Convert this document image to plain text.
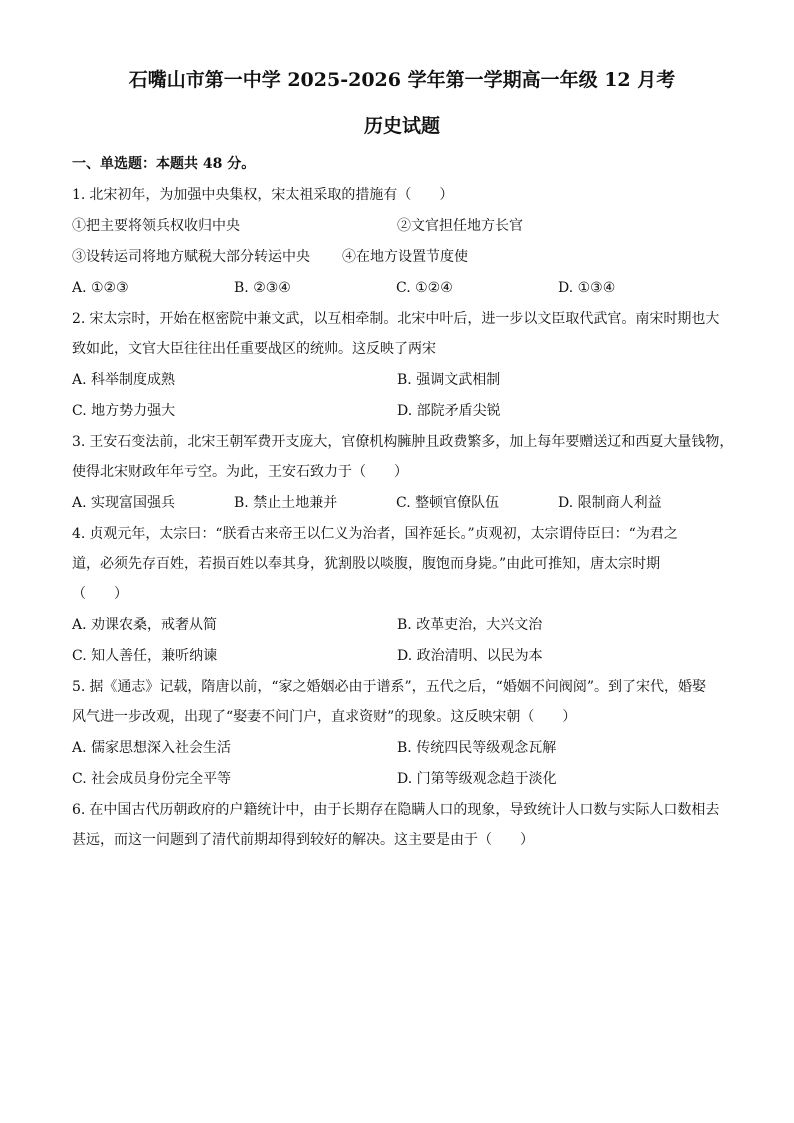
石嘴山市第一中学 2025-2026 学年第一学期高一年级 12 月考
历史试题
一、单选题：本题共 48 分。
1. 北宋初年，为加强中央集权，宋太祖采取的措施有（　　）
①把主要将领兵权收归中央	②文官担任地方长官
③设转运司将地方赋税大部分转运中央	④在地方设置节度使
A. ①②③	B. ②③④	C. ①②④	D. ①③④
2. 宋太宗时，开始在枢密院中兼文武，以互相牵制。北宋中叶后，进一步以文臣取代武官。南宋时期也大
致如此，文官大臣往往出任重要战区的统帅。这反映了两宋
A. 科举制度成熟	B. 强调文武相制
C. 地方势力强大	D. 部院矛盾尖锐
3. 王安石变法前，北宋王朝军费开支庞大，官僚机构臃肿且政费繁多，加上每年要赠送辽和西夏大量钱物，
使得北宋财政年年亏空。为此，王安石致力于（　　）
A. 实现富国强兵	B. 禁止土地兼并	C. 整顿官僚队伍	D. 限制商人利益
4. 贞观元年，太宗曰：“朕看古来帝王以仁义为治者，国祚延长。”贞观初，太宗谓侍臣曰：“为君之
道，必须先存百姓，若损百姓以奉其身，犹割股以啖腹，腹饱而身毙。”由此可推知，唐太宗时期
（　　）
A. 劝课农桑，戒奢从简	B. 改革吏治，大兴文治
C. 知人善任，兼听纳谏	D. 政治清明、以民为本
5. 据《通志》记载，隋唐以前，“家之婚姻必由于谱系”，五代之后，“婚姻不问阀阅”。到了宋代，婚娶
风气进一步改观，出现了“娶妻不问门户，直求资财”的现象。这反映宋朝（　　）
A. 儒家思想深入社会生活	B. 传统四民等级观念瓦解
C. 社会成员身份完全平等	D. 门第等级观念趋于淡化
6. 在中国古代历朝政府的户籍统计中，由于长期存在隐瞒人口的现象，导致统计人口数与实际人口数相去
甚远，而这一问题到了清代前期却得到较好的解决。这主要是由于（　　）
